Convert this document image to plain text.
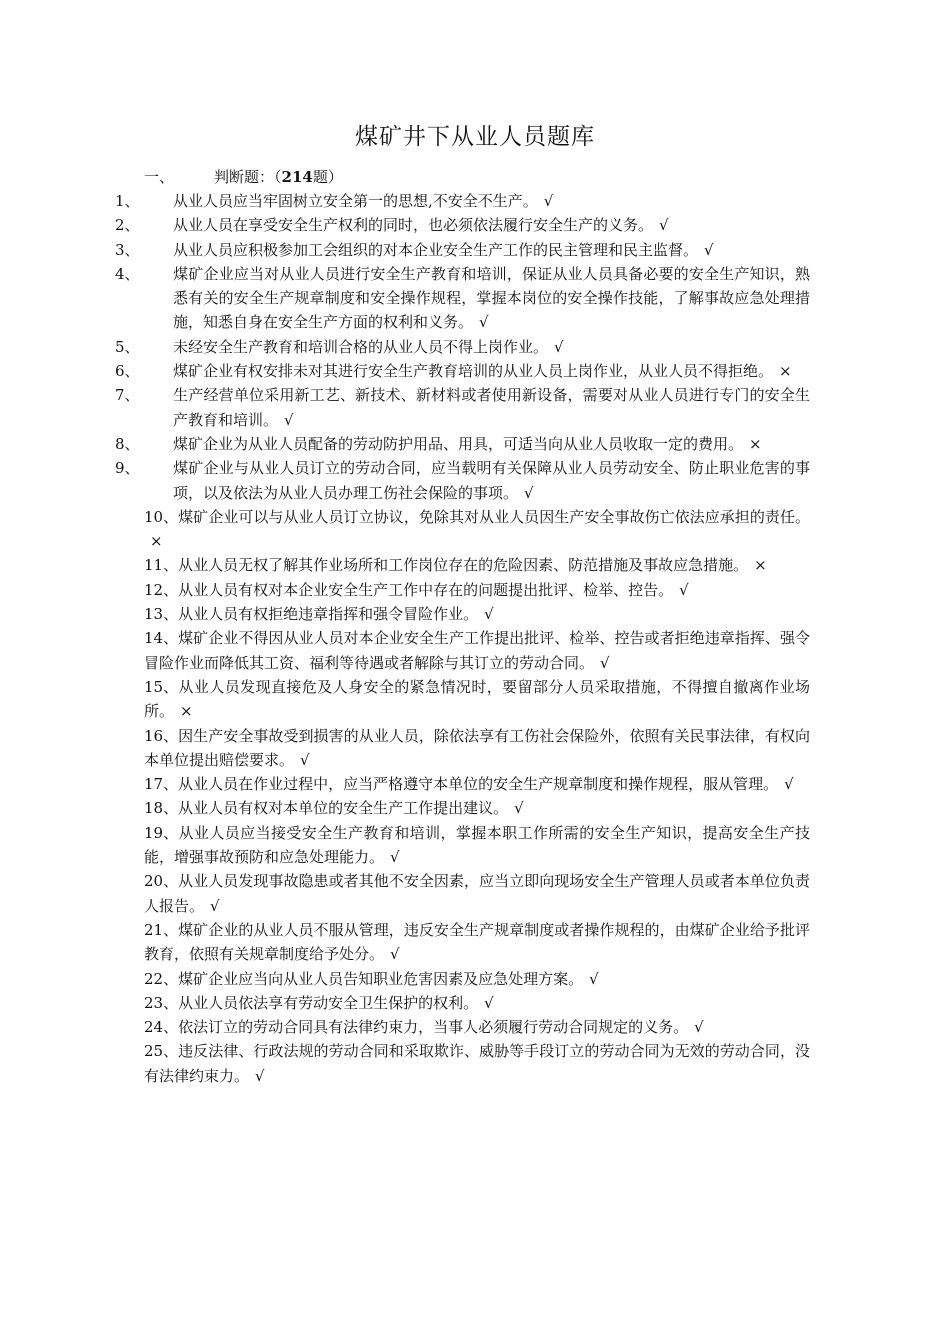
煤矿井下从业人员题库
一、	判断题：（214题）
1、 从业人员应当牢固树立安全第一的思想,不安全不生产。 √
2、 从业人员在享受安全生产权利的同时，也必须依法履行安全生产的义务。 √
3、 从业人员应积极参加工会组织的对本企业安全生产工作的民主管理和民主监督。 √
4、 煤矿企业应当对从业人员进行安全生产教育和培训，保证从业人员具备必要的安全生产知识，熟悉有关的安全生产规章制度和安全操作规程，掌握本岗位的安全操作技能，了解事故应急处理措施，知悉自身在安全生产方面的权利和义务。 √
5、 未经安全生产教育和培训合格的从业人员不得上岗作业。 √
6、 煤矿企业有权安排未对其进行安全生产教育培训的从业人员上岗作业，从业人员不得拒绝。 ×
7、 生产经营单位采用新工艺、新技术、新材料或者使用新设备，需要对从业人员进行专门的安全生产教育和培训。 √
8、 煤矿企业为从业人员配备的劳动防护用品、用具，可适当向从业人员收取一定的费用。 ×
9、 煤矿企业与从业人员订立的劳动合同，应当载明有关保障从业人员劳动安全、防止职业危害的事项，以及依法为从业人员办理工伤社会保险的事项。 √
10、煤矿企业可以与从业人员订立协议，免除其对从业人员因生产安全事故伤亡依法应承担的责任。×
11、从业人员无权了解其作业场所和工作岗位存在的危险因素、防范措施及事故应急措施。 ×
12、从业人员有权对本企业安全生产工作中存在的问题提出批评、检举、控告。 √
13、从业人员有权拒绝违章指挥和强令冒险作业。 √
14、煤矿企业不得因从业人员对本企业安全生产工作提出批评、检举、控告或者拒绝违章指挥、强令冒险作业而降低其工资、福利等待遇或者解除与其订立的劳动合同。 √
15、从业人员发现直接危及人身安全的紧急情况时，要留部分人员采取措施，不得擅自撤离作业场所。 ×
16、因生产安全事故受到损害的从业人员，除依法享有工伤社会保险外，依照有关民事法律，有权向本单位提出赔偿要求。 √
17、从业人员在作业过程中，应当严格遵守本单位的安全生产规章制度和操作规程，服从管理。 √
18、从业人员有权对本单位的安全生产工作提出建议。 √
19、从业人员应当接受安全生产教育和培训，掌握本职工作所需的安全生产知识，提高安全生产技能，增强事故预防和应急处理能力。 √
20、从业人员发现事故隐患或者其他不安全因素，应当立即向现场安全生产管理人员或者本单位负责人报告。 √
21、煤矿企业的从业人员不服从管理，违反安全生产规章制度或者操作规程的，由煤矿企业给予批评教育，依照有关规章制度给予处分。 √
22、煤矿企业应当向从业人员告知职业危害因素及应急处理方案。 √
23、从业人员依法享有劳动安全卫生保护的权利。 √
24、依法订立的劳动合同具有法律约束力，当事人必须履行劳动合同规定的义务。 √
25、违反法律、行政法规的劳动合同和采取欺诈、威胁等手段订立的劳动合同为无效的劳动合同，没有法律约束力。 √
